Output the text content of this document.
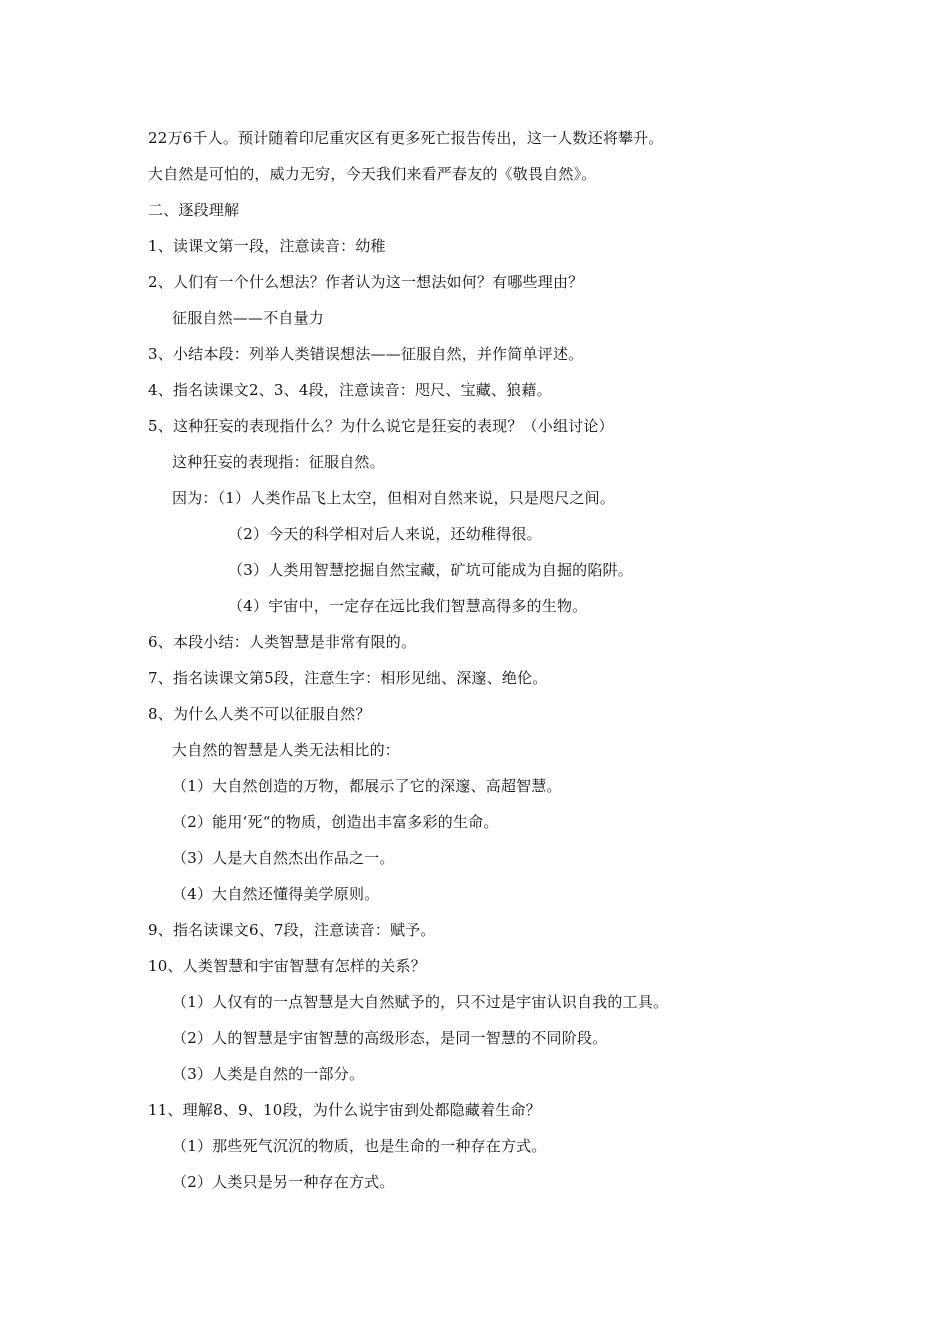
22万6千人。预计随着印尼重灾区有更多死亡报告传出，这一人数还将攀升。
大自然是可怕的，威力无穷，今天我们来看严春友的《敬畏自然》。
二、逐段理解
1、读课文第一段，注意读音：幼稚
2、人们有一个什么想法？作者认为这一想法如何？有哪些理由？
征服自然——不自量力
3、小结本段：列举人类错误想法——征服自然，并作简单评述。
4、指名读课文2、3、4段，注意读音：咫尺、宝藏、狼藉。
5、这种狂妄的表现指什么？为什么说它是狂妄的表现？（小组讨论）
这种狂妄的表现指：征服自然。
因为：（1）人类作品飞上太空，但相对自然来说，只是咫尺之间。
（2）今天的科学相对后人来说，还幼稚得很。
（3）人类用智慧挖掘自然宝藏，矿坑可能成为自掘的陷阱。
（4）宇宙中，一定存在远比我们智慧高得多的生物。
6、本段小结：人类智慧是非常有限的。
7、指名读课文第5段，注意生字：相形见绌、深邃、绝伦。
8、为什么人类不可以征服自然？
大自然的智慧是人类无法相比的：
（1）大自然创造的万物，都展示了它的深邃、高超智慧。
（2）能用‘死“的物质，创造出丰富多彩的生命。
（3）人是大自然杰出作品之一。
（4）大自然还懂得美学原则。
9、指名读课文6、7段，注意读音：赋予。
10、人类智慧和宇宙智慧有怎样的关系？
（1）人仅有的一点智慧是大自然赋予的，只不过是宇宙认识自我的工具。
（2）人的智慧是宇宙智慧的高级形态，是同一智慧的不同阶段。
（3）人类是自然的一部分。
11、理解8、9、10段，为什么说宇宙到处都隐藏着生命？
（1）那些死气沉沉的物质，也是生命的一种存在方式。
（2）人类只是另一种存在方式。
